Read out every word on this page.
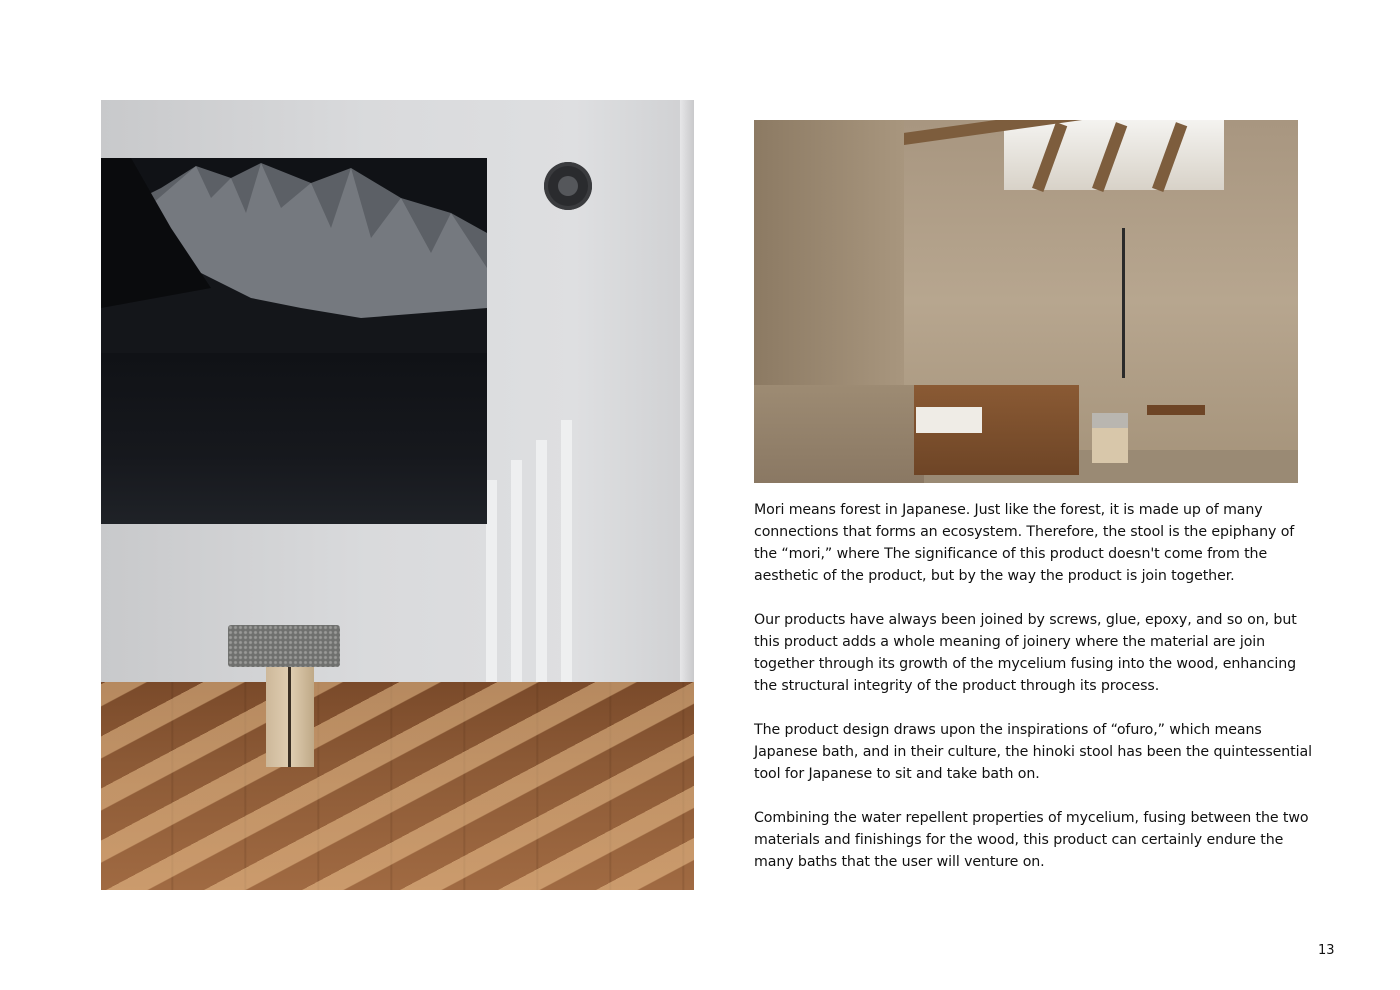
Mori means forest in Japanese. Just like the forest, it is made up of many connections that forms an ecosystem. Therefore, the stool is the epiphany of the “mori,” where The significance of this product doesn't come from the aesthetic of the product, but by the way the product is join together.

Our products have always been joined by screws, glue, epoxy, and so on, but this product adds a whole meaning of joinery where the material are join together through its growth of the mycelium fusing into the wood, enhancing the structural integrity of the product through its process.

The product design draws upon the inspirations of “ofuro,” which means Japanese bath, and in their culture, the hinoki stool has been the quintessential tool for Japanese to sit and take bath on.

Combining the water repellent properties of mycelium, fusing between the two materials and finishings for the wood, this product can certainly endure the many baths that the user will venture on.

13
